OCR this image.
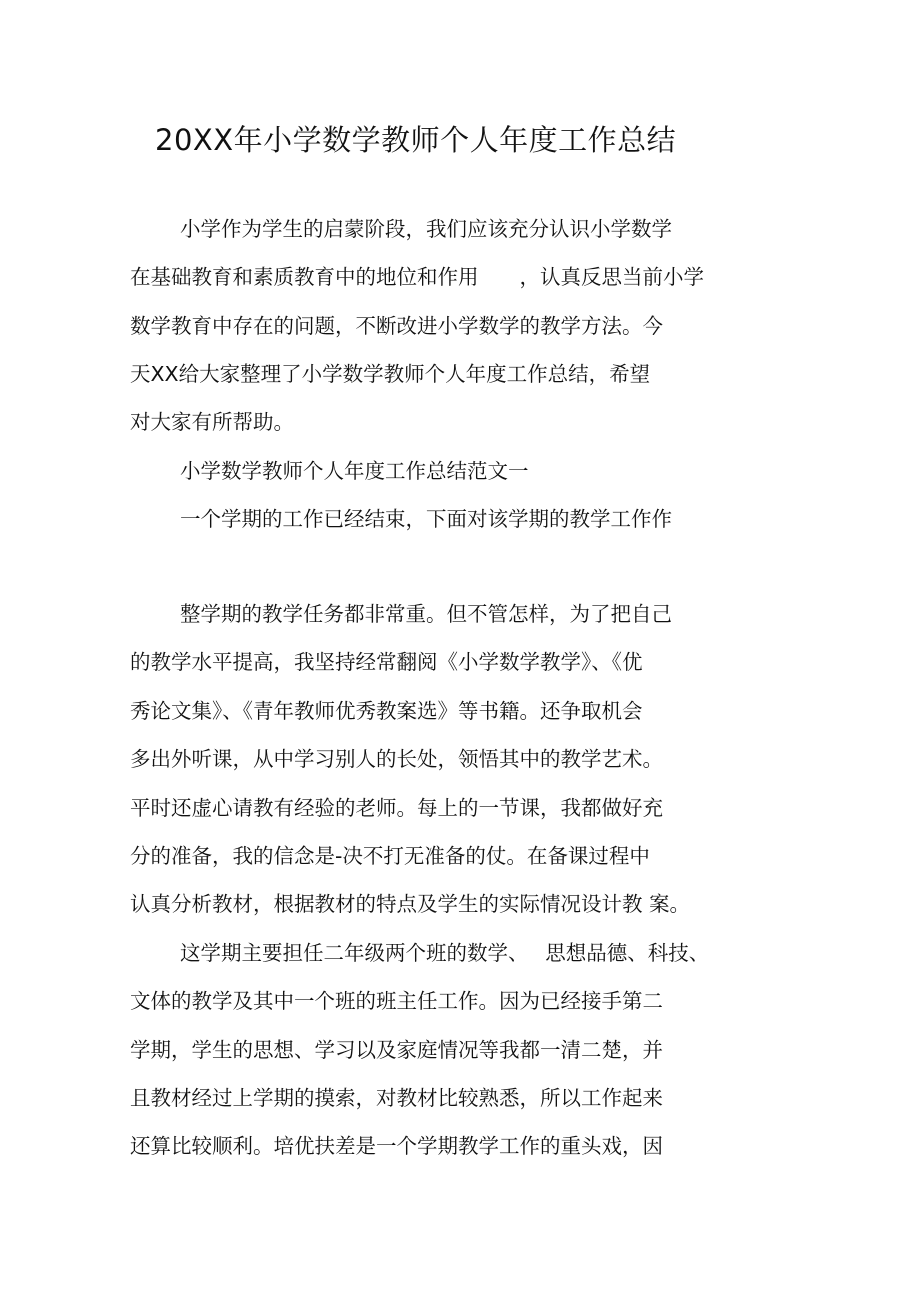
20XX年小学数学教师个人年度工作总结
小学作为学生的启蒙阶段，我们应该充分认识小学数学
在基础教育和素质教育中的地位和作用　　，认真反思当前小学
数学教育中存在的问题，不断改进小学数学的教学方法。今
天XX给大家整理了小学数学教师个人年度工作总结，希望
对大家有所帮助。
小学数学教师个人年度工作总结范文一
一个学期的工作已经结束，下面对该学期的教学工作作
整学期的教学任务都非常重。但不管怎样，为了把自己
的教学水平提高，我坚持经常翻阅《小学数学教学》、《优
秀论文集》、《青年教师优秀教案选》等书籍。还争取机会
多出外听课，从中学习别人的长处，领悟其中的教学艺术。
平时还虚心请教有经验的老师。每上的一节课，我都做好充
分的准备，我的信念是-决不打无准备的仗。在备课过程中
认真分析教材，根据教材的特点及学生的实际情况设计教 案。
这学期主要担任二年级两个班的数学、　 思想品德、科技、
文体的教学及其中一个班的班主任工作。因为已经接手第二
学期，学生的思想、学习以及家庭情况等我都一清二楚，并
且教材经过上学期的摸索，对教材比较熟悉，所以工作起来
还算比较顺利。培优扶差是一个学期教学工作的重头戏，因
